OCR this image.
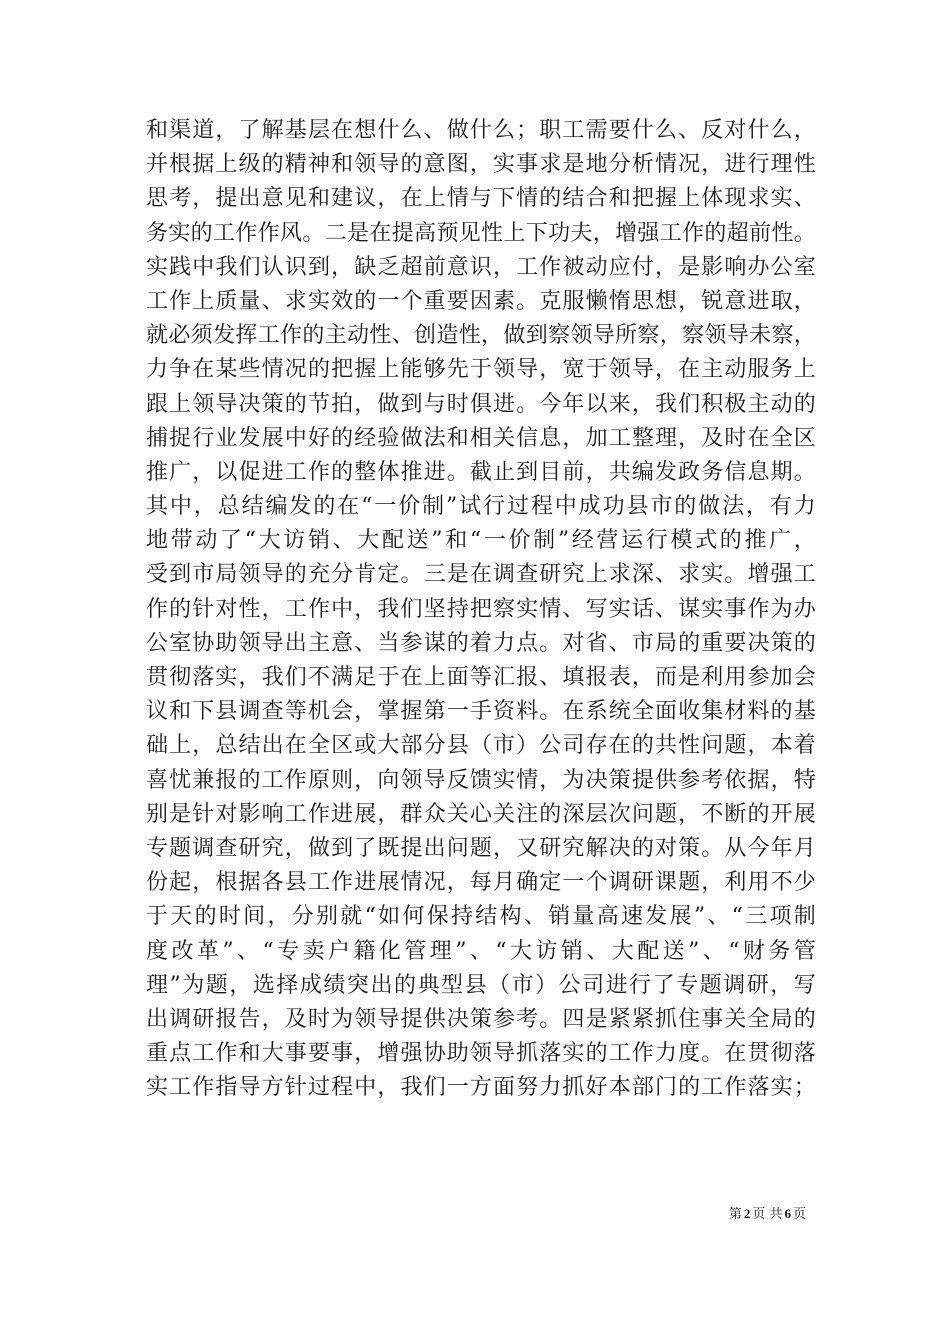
和渠道，了解基层在想什么、做什么；职工需要什么、反对什么，
并根据上级的精神和领导的意图，实事求是地分析情况，进行理性
思考，提出意见和建议，在上情与下情的结合和把握上体现求实、
务实的工作作风。二是在提高预见性上下功夫，增强工作的超前性。
实践中我们认识到，缺乏超前意识，工作被动应付，是影响办公室
工作上质量、求实效的一个重要因素。克服懒惰思想，锐意进取，
就必须发挥工作的主动性、创造性，做到察领导所察，察领导未察，
力争在某些情况的把握上能够先于领导，宽于领导，在主动服务上
跟上领导决策的节拍，做到与时俱进。今年以来，我们积极主动的
捕捉行业发展中好的经验做法和相关信息，加工整理，及时在全区
推广，以促进工作的整体推进。截止到目前，共编发政务信息期。
其中，总结编发的在“一价制”试行过程中成功县市的做法，有力
地带动了“大访销、大配送”和“一价制”经营运行模式的推广，
受到市局领导的充分肯定。三是在调查研究上求深、求实。增强工
作的针对性，工作中，我们坚持把察实情、写实话、谋实事作为办
公室协助领导出主意、当参谋的着力点。对省、市局的重要决策的
贯彻落实，我们不满足于在上面等汇报、填报表，而是利用参加会
议和下县调查等机会，掌握第一手资料。在系统全面收集材料的基
础上，总结出在全区或大部分县（市）公司存在的共性问题，本着
喜忧兼报的工作原则，向领导反馈实情，为决策提供参考依据，特
别是针对影响工作进展，群众关心关注的深层次问题，不断的开展
专题调查研究，做到了既提出问题，又研究解决的对策。从今年月
份起，根据各县工作进展情况，每月确定一个调研课题，利用不少
于天的时间，分别就“如何保持结构、销量高速发展”、“三项制
度改革”、“专卖户籍化管理”、“大访销、大配送”、“财务管
理”为题，选择成绩突出的典型县（市）公司进行了专题调研，写
出调研报告，及时为领导提供决策参考。四是紧紧抓住事关全局的
重点工作和大事要事，增强协助领导抓落实的工作力度。在贯彻落
实工作指导方针过程中，我们一方面努力抓好本部门的工作落实；
第 2 页 共 6 页
